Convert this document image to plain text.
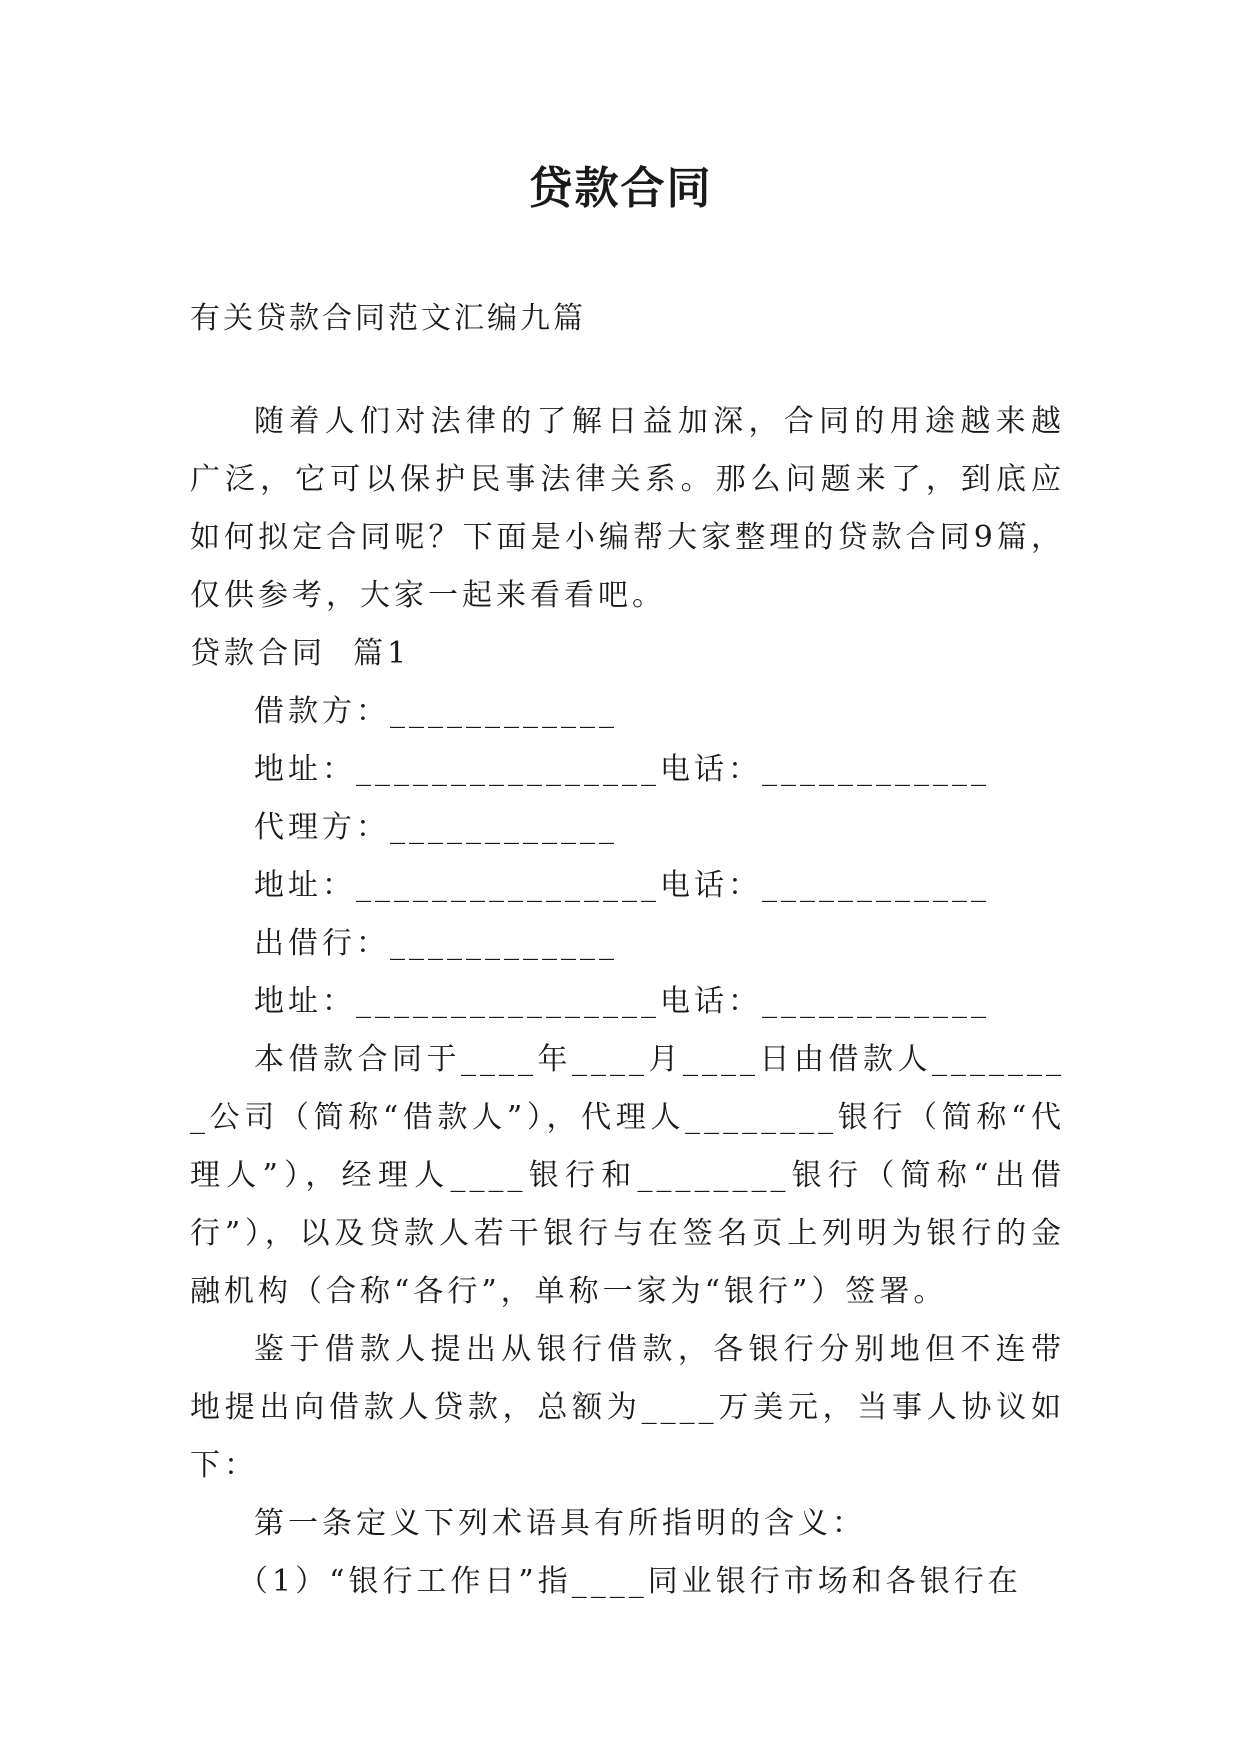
贷款合同

有关贷款合同范文汇编九篇

随着人们对法律的了解日益加深，合同的用途越来越广泛，它可以保护民事法律关系。那么问题来了，到底应如何拟定合同呢？下面是小编帮大家整理的贷款合同9篇，仅供参考，大家一起来看看吧。

贷款合同  篇1

借款方：____________

地址：________________电话：____________

代理方：____________

地址：________________电话：____________

出借行：____________

地址：________________电话：____________

本借款合同于____年____月____日由借款人________公司（简称“借款人”），代理人________银行（简称“代理人”），经理人____银行和________银行（简称“出借行”），以及贷款人若干银行与在签名页上列明为银行的金融机构（合称“各行”，单称一家为“银行”）签署。

鉴于借款人提出从银行借款，各银行分别地但不连带地提出向借款人贷款，总额为____万美元，当事人协议如下：

第一条定义下列术语具有所指明的含义：

（1）“银行工作日”指____同业银行市场和各银行在
